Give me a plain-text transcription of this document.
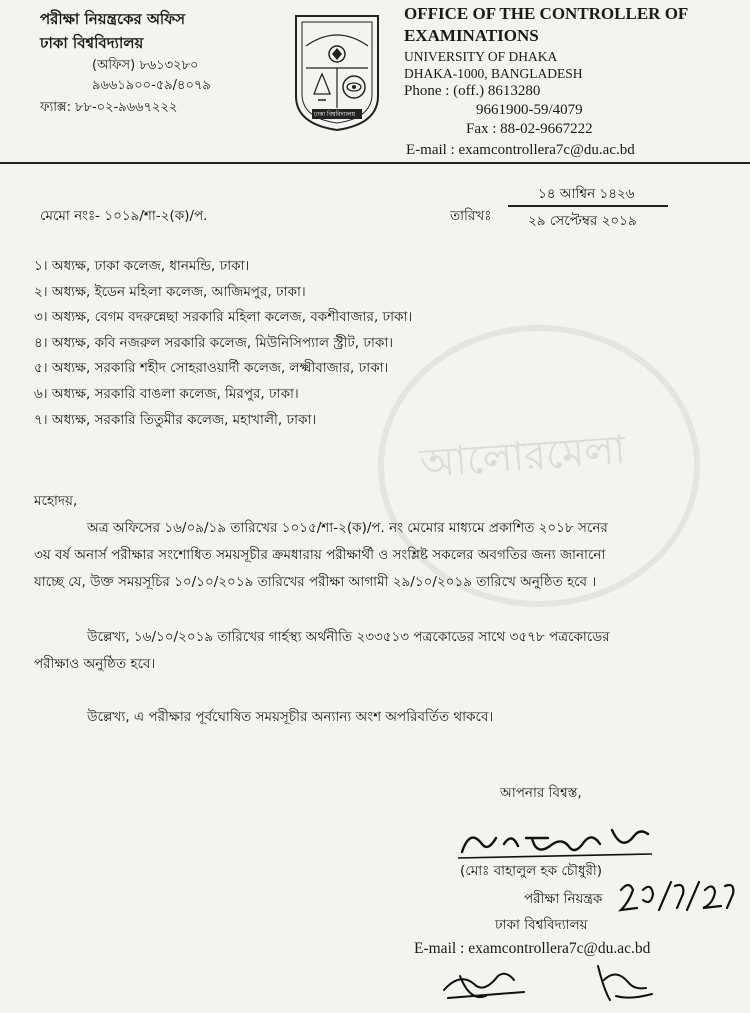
আলোরমেলা
পরীক্ষা নিয়ন্ত্রকের অফিস
ঢাকা বিশ্ববিদ্যালয়
(অফিস) ৮৬১৩২৮০
৯৬৬১৯০০-৫৯/৪০৭৯
ফ্যাক্স: ৮৮-০২-৯৬৬৭২২২	ঢাকা বিশ্ববিদ্যালয়
OFFICE OF THE CONTROLLER OF
EXAMINATIONS
UNIVERSITY OF DHAKA
DHAKA-1000, BANGLADESH
Phone : (off.) 8613280
9661900-59/4079
Fax : 88-02-9667222
E-mail : examcontrollera7c@du.ac.bd
মেমো নংঃ- ১০১৯/শা-২(ক)/প.	তারিখঃ
১৪ আশ্বিন ১৪২৬
২৯ সেপ্টেম্বর ২০১৯
১। অধ্যক্ষ, ঢাকা কলেজ, ধানমন্ডি, ঢাকা।
২। অধ্যক্ষ, ইডেন মহিলা কলেজ, আজিমপুর, ঢাকা।
৩। অধ্যক্ষ, বেগম বদরুন্নেছা সরকারি মহিলা কলেজ, বকশীবাজার, ঢাকা।
৪। অধ্যক্ষ, কবি নজরুল সরকারি কলেজ, মিউনিসিপ্যাল স্ট্রীট, ঢাকা।
৫। অধ্যক্ষ, সরকারি শহীদ সোহরাওয়ার্দী কলেজ, লক্ষ্মীবাজার, ঢাকা।
৬। অধ্যক্ষ, সরকারি বাঙলা কলেজ, মিরপুর, ঢাকা।
৭। অধ্যক্ষ, সরকারি তিতুমীর কলেজ, মহাখালী, ঢাকা।
মহোদয়,
অত্র অফিসের ১৬/০৯/১৯ তারিখের ১০১৫/শা-২(ক)/প. নং মেমোর মাধ্যমে প্রকাশিত ২০১৮ সনের
৩য় বর্ষ অনার্স পরীক্ষার সংশোধিত সময়সূচীর ক্রমধারায় পরীক্ষার্থী ও সংশ্লিষ্ট সকলের অবগতির জন্য জানানো
যাচ্ছে যে, উক্ত সময়সূচির ১০/১০/২০১৯ তারিখের পরীক্ষা আগামী ২৯/১০/২০১৯ তারিখে অনুষ্ঠিত হবে ।
উল্লেখ্য, ১৬/১০/২০১৯ তারিখের গার্হস্থ্য অর্থনীতি ২৩৩৫১৩ পত্রকোডের সাথে ৩৫৭৮ পত্রকোডের
পরীক্ষাও অনুষ্ঠিত হবে।
উল্লেখ্য, এ পরীক্ষার পূর্বঘোষিত সময়সূচীর অন্যান্য অংশ অপরিবর্তিত থাকবে।
আপনার বিশ্বস্ত,
(মোঃ বাহালুল হক চৌধুরী)
পরীক্ষা নিয়ন্ত্রক
ঢাকা বিশ্ববিদ্যালয়
E-mail : examcontrollera7c@du.ac.bd
